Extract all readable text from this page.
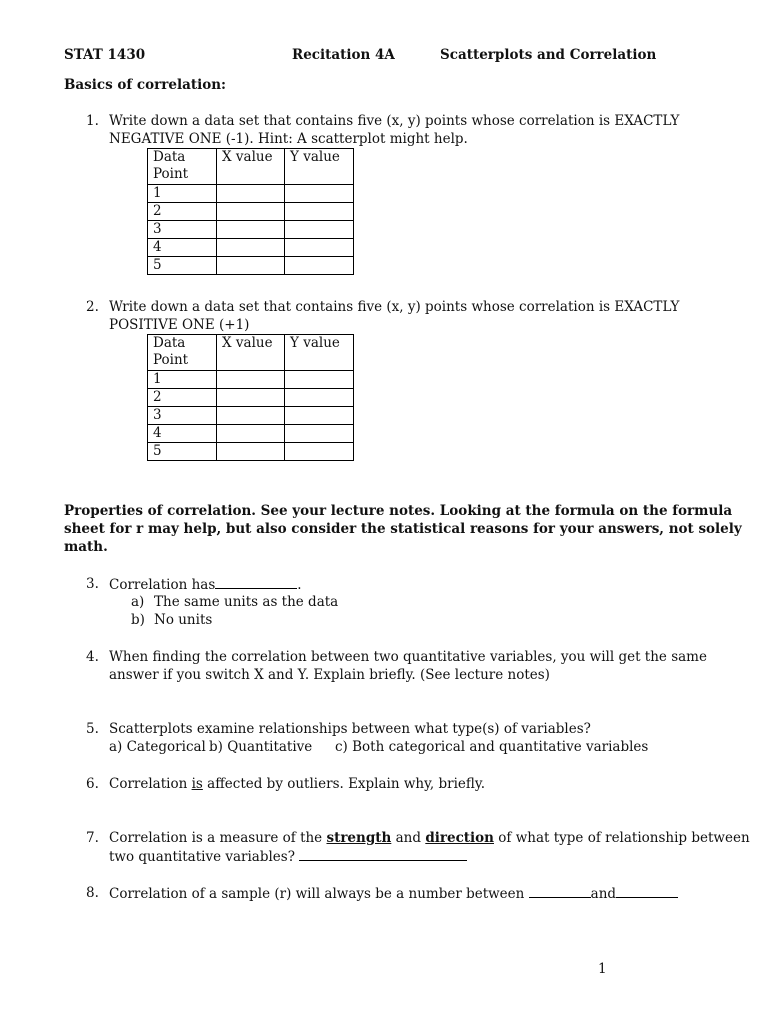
STAT 1430	Recitation 4A	Scatterplots and Correlation
Basics of correlation:
1. Write down a data set that contains five (x, y) points whose correlation is EXACTLY
NEGATIVE ONE (-1). Hint: A scatterplot might help.
Data
Point	X value	Y value
1		
2		
3		
4		
5		
2. Write down a data set that contains five (x, y) points whose correlation is EXACTLY
POSITIVE ONE (+1)
Data
Point	X value	Y value
1		
2		
3		
4		
5		
Properties of correlation. See your lecture notes. Looking at the formula on the formula
sheet for r may help, but also consider the statistical reasons for your answers, not solely
math.
3. Correlation has	.
a) The same units as the data
b) No units
4. When finding the correlation between two quantitative variables, you will get the same
answer if you switch X and Y. Explain briefly. (See lecture notes)
5. Scatterplots examine relationships between what type(s) of variables?
a) Categorical b) Quantitative c) Both categorical and quantitative variables
6. Correlation is affected by outliers. Explain why, briefly.
7. Correlation is a measure of the strength and direction of what type of relationship between
two quantitative variables?
8. Correlation of a sample (r) will always be a number between	and
1
